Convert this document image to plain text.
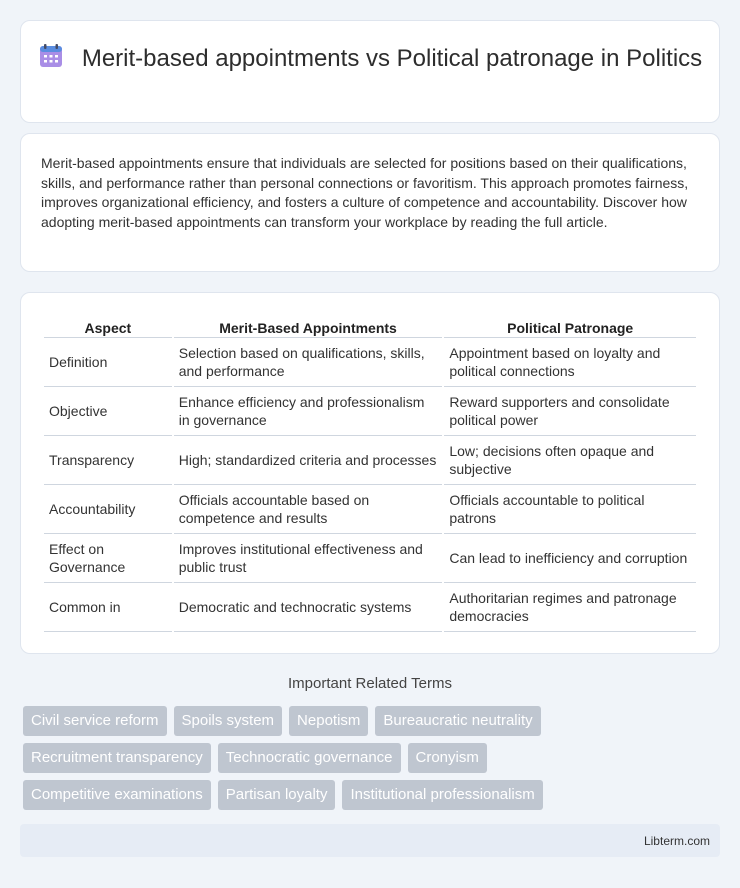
Merit-based appointments vs Political patronage in Politics

Merit-based appointments ensure that individuals are selected for positions based on their qualifications, skills, and performance rather than personal connections or favoritism. This approach promotes fairness, improves organizational efficiency, and fosters a culture of competence and accountability. Discover how adopting merit-based appointments can transform your workplace by reading the full article.

Aspect	Merit-Based Appointments	Political Patronage
Definition	Selection based on qualifications, skills, and performance	Appointment based on loyalty and political connections
Objective	Enhance efficiency and professionalism in governance	Reward supporters and consolidate political power
Transparency	High; standardized criteria and processes	Low; decisions often opaque and subjective
Accountability	Officials accountable based on competence and results	Officials accountable to political patrons
Effect on Governance	Improves institutional effectiveness and public trust	Can lead to inefficiency and corruption
Common in	Democratic and technocratic systems	Authoritarian regimes and patronage democracies
Important Related Terms
Civil service reform	Spoils system	Nepotism	Bureaucratic neutrality
Recruitment transparency	Technocratic governance	Cronyism
Competitive examinations	Partisan loyalty	Institutional professionalism
Libterm.com
